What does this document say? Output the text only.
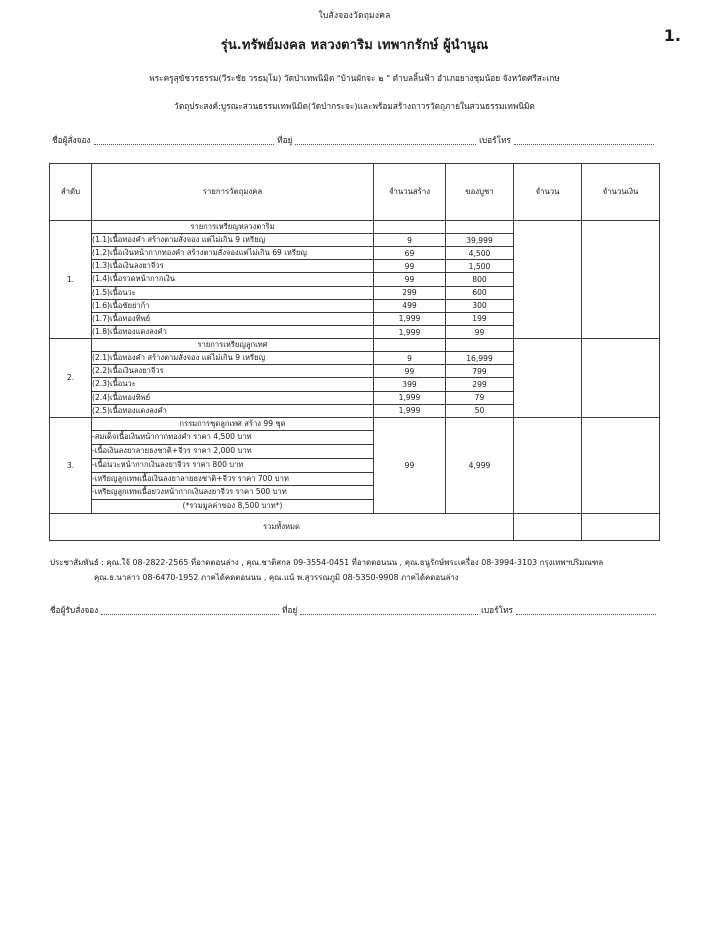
1.
ใบสั่งจองวัตถุมงคล
รุ่น.ทรัพย์มงคล หลวงตาริม เทพากรักษ์ ผู้นำนูณ
พระครูสุขัชวรธรรม(วีระชัย วรธมฺโม) วัดป่าเทพนิมิต "บ้านผักจะ ๒ " ตำบลลิ้นฟ้า อำเภอยางชุมน้อย จังหวัดศรีสะเกษ
วัตถุประสงค์:บูรณะสวนธรรมเทพนิมิต(วัดป่ากระจะ)และพร้อมสร้างถาวรวัตถุภายในสวนธรรมเทพนิมิต
ชื่อผู้สั่งจอง	ที่อยู่	เบอร์โทร
ลำดับ	รายการวัตถุมงคล	จำนวนสร้าง	ของบูชา	จำนวน	จำนวนเงิน
1.	รายการเหรียญหลวงตาริม				
	(1.1)เนื้อทองคำ สร้างตามสั่งจอง แต่ไม่เกิน 9 เหรียญ	9	39,999		
	(1.2)เนื้อเงินหน้ากากทองคำ สร้างตามสั่งจองแต่ไม่เกิน 69 เหรียญ	69	4,500		
	(1.3)เนื้อเงินลงยาจีวร	99	1,500		
	(1.4)เนื้อรวดหน้ากากเงิน	99	800		
	(1.5)เนื้อนวะ	299	600		
	(1.6)เนื้อชัยย่าก้า	499	300		
	(1.7)เนื้อทองทิพย์	1,999	199		
	(1.8)เนื้อทองแดงลงคำ	1,999	99		
2.	รายการเหรียญลูกเทศ				
	(2.1)เนื้อทองคำ สร้างตามสั่งจอง แต่ไม่เกิน 9 เหรียญ	9	16,999		
	(2.2)เนื้อเงินลงยาจีวร	99	799		
	(2.3)เนื้อนวะ	399	299		
	(2.4)เนื้อทองทิพย์	1,999	79		
	(2.5)เนื้อทองแดงลงคำ	1,999	50		
3.	กรรมการชุดลูกเทศ สร้าง 99 ชุด	99	4,999		
	-สมเด็จเนื้อเงินหน้ากากทองคำ ราคา 4,500 บาท				
	-เนื้อเงินลงยาลายธงชาติ+จีวร ราคา 2,000 บาท				
	-เนื้อนวะหน้ากากเงินลงยาจีวร ราคา 800 บาท				
	-เหรียญลูกเทพเนื้อเงินลงยาลายธงชาติ+จีวร ราคา 700 บาท				
	-เหรียญลูกเทพเนื้อยวงหน้ากากเงินลงยาจีวร ราคา 500 บาท				
	(*รวมมูลค่าของ 8,500 บาท*)				
รวมทั้งหมด					
ประชาสัมพันธ์ : คุณ.ใจ้ 08-2822-2565 ที่อาดตอนล่าง , คุณ.ชาติสกล 09-3554-0451 ที่อาดตอนนน , คุณ.ธนูรักษ์พระเครื่อง 08-3994-3103 กรุงเทพฯปริมณฑล
คุณ.ธ.นาล่าว 08-6470-1952 ภาคได้คดตอนนน , คุณ.แน้ พ.สุวรรณภูมิ 08-5350-9908 ภาคได้คดอนล่าง
ชื่อผู้รับสั่งจอง	ที่อยู่	เบอร์โทร
